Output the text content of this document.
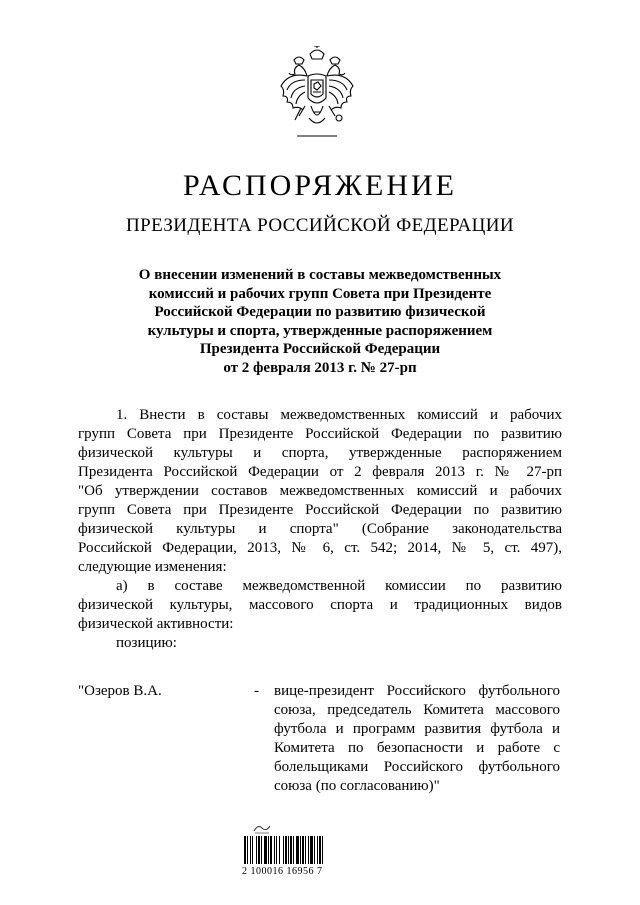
РАСПОРЯЖЕНИЕ
ПРЕЗИДЕНТА РОССИЙСКОЙ ФЕДЕРАЦИИ
О внесении изменений в составы межведомственных
комиссий и рабочих групп Совета при Президенте
Российской Федерации по развитию физической
культуры и спорта, утвержденные распоряжением
Президента Российской Федерации
от 2 февраля 2013 г. № 27-рп
1. Внести в составы межведомственных комиссий и рабочих
групп Совета при Президенте Российской Федерации по развитию
физической культуры и спорта, утвержденные распоряжением
Президента Российской Федерации от 2 февраля 2013 г. № 27-рп
"Об утверждении составов межведомственных комиссий и рабочих
групп Совета при Президенте Российской Федерации по развитию
физической культуры и спорта" (Собрание законодательства
Российской Федерации, 2013, № 6, ст. 542; 2014, № 5, ст. 497),
следующие изменения:
а) в составе межведомственной комиссии по развитию
физической культуры, массового спорта и традиционных видов
физической активности:
позицию:
"Озеров В.А.	- вице-президент Российского футбольного
союза, председатель Комитета массового
футбола и программ развития футбола и
Комитета по безопасности и работе с
болельщиками Российского футбольного
союза (по согласованию)"
2 100016 16956 7
